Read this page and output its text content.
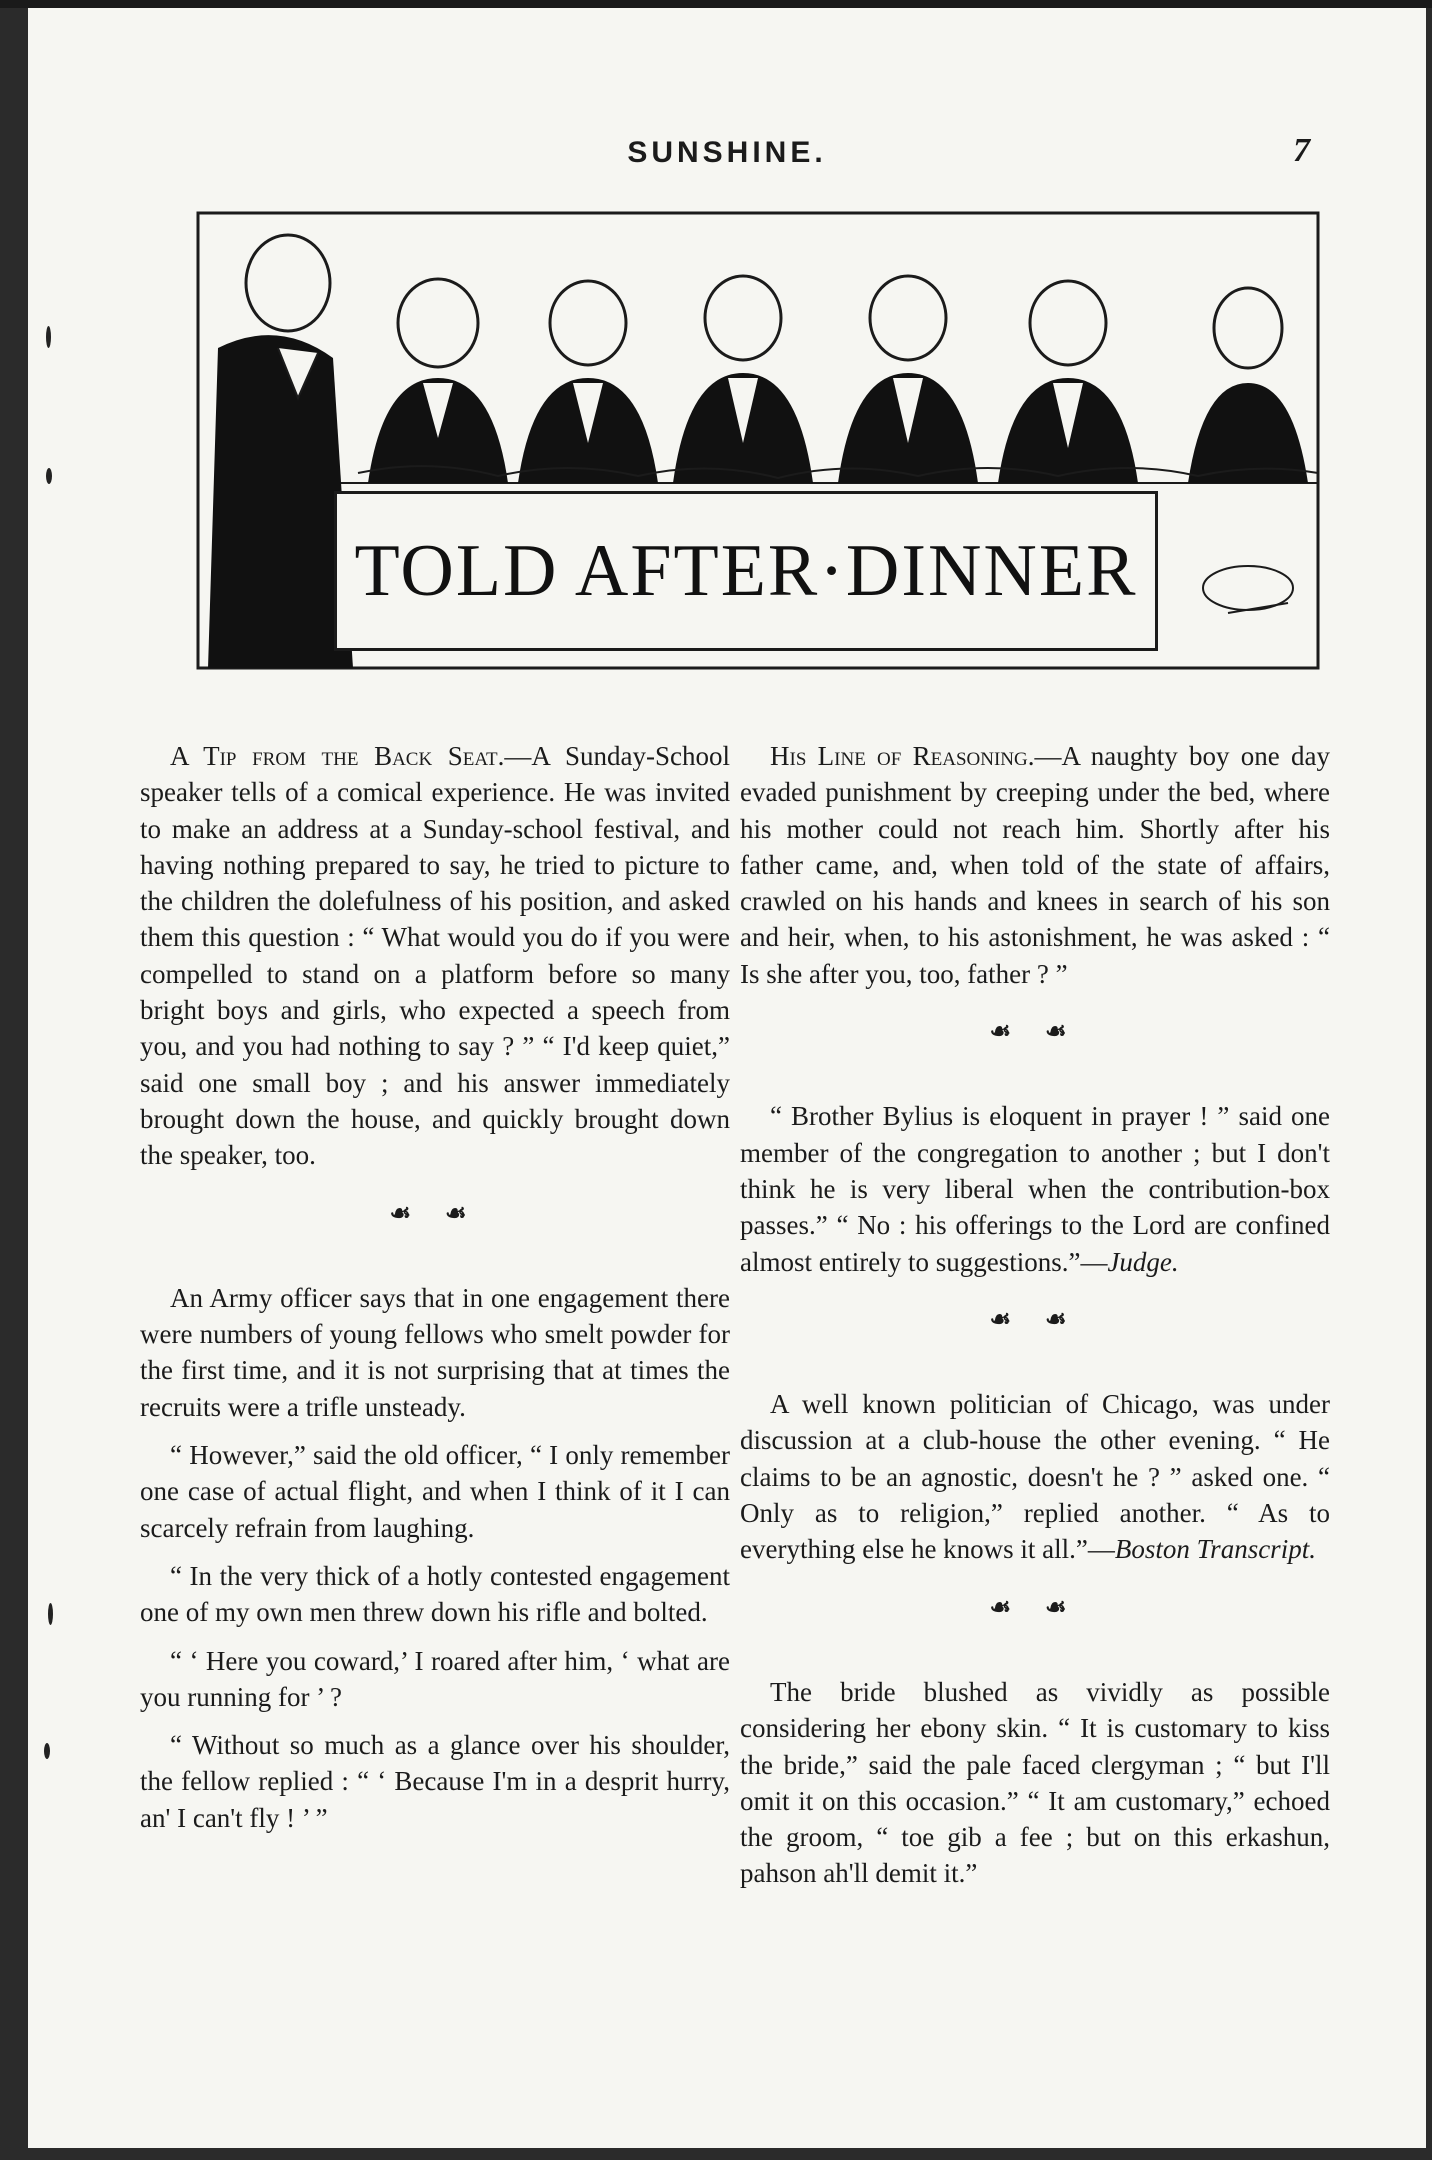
SUNSHINE.	7
TOLD AFTER·DINNER

A Tip from the Back Seat.—A Sunday-School speaker tells of a comical experience. He was invited to make an address at a Sunday-school festival, and having nothing prepared to say, he tried to picture to the children the dolefulness of his position, and asked them this question : “ What would you do if you were compelled to stand on a platform before so many bright boys and girls, who expected a speech from you, and you had nothing to say ? ” “ I'd keep quiet,” said one small boy ; and his answer immediately brought down the house, and quickly brought down the speaker, too.

☙ ☙

An Army officer says that in one engagement there were numbers of young fellows who smelt powder for the first time, and it is not surprising that at times the recruits were a trifle unsteady.

“ However,” said the old officer, “ I only remember one case of actual flight, and when I think of it I can scarcely refrain from laughing.

“ In the very thick of a hotly contested engagement one of my own men threw down his rifle and bolted.

“ ‘ Here you coward,’ I roared after him, ‘ what are you running for ’ ?

“ Without so much as a glance over his shoulder, the fellow replied : “ ‘ Because I'm in a desprit hurry, an' I can't fly ! ’ ”

His Line of Reasoning.—A naughty boy one day evaded punishment by creeping under the bed, where his mother could not reach him. Shortly after his father came, and, when told of the state of affairs, crawled on his hands and knees in search of his son and heir, when, to his astonishment, he was asked : “ Is she after you, too, father ? ”

☙ ☙

“ Brother Bylius is eloquent in prayer ! ” said one member of the congregation to another ; but I don't think he is very liberal when the contribution-box passes.” “ No : his offerings to the Lord are confined almost entirely to suggestions.”—Judge.

☙ ☙

A well known politician of Chicago, was under discussion at a club-house the other evening. “ He claims to be an agnostic, doesn't he ? ” asked one. “ Only as to religion,” replied another. “ As to everything else he knows it all.”—Boston Transcript.

☙ ☙

The bride blushed as vividly as possible considering her ebony skin. “ It is customary to kiss the bride,” said the pale faced clergyman ; “ but I'll omit it on this occasion.” “ It am customary,” echoed the groom, “ toe gib a fee ; but on this erkashun, pahson ah'll demit it.”
